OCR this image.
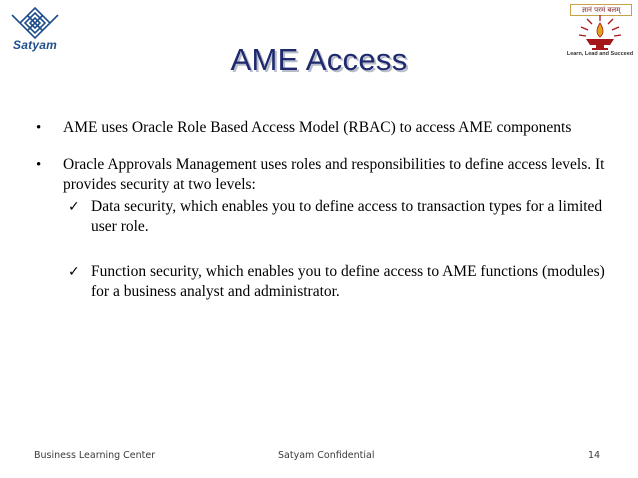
Satyam
ज्ञानं परमं बलम्
Learn, Lead and Succeed
AME Access
• AME uses Oracle Role Based Access Model (RBAC) to access AME components
• Oracle Approvals Management uses roles and responsibilities to define access levels. It provides security at two levels:
✓ Data security, which enables you to define access to transaction types for a limited user role.
✓ Function security, which enables you to define access to AME functions (modules) for a business analyst and administrator.
Business Learning Center	Satyam Confidential	14
